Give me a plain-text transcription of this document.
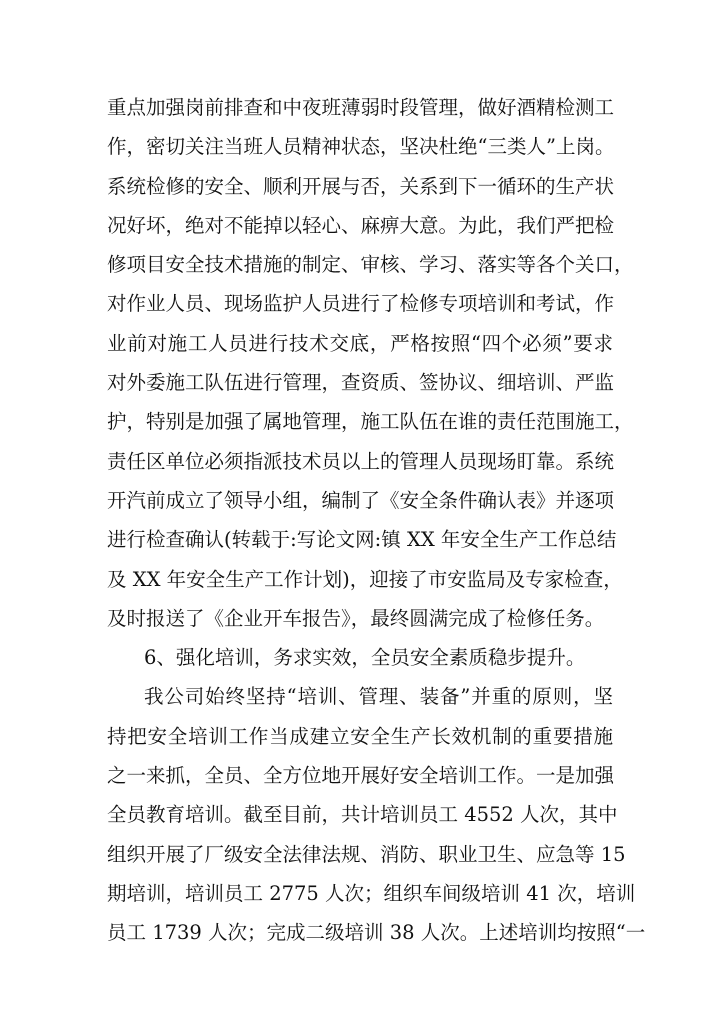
重点加强岗前排查和中夜班薄弱时段管理，做好酒精检测工
作，密切关注当班人员精神状态，坚决杜绝“三类人”上岗。
系统检修的安全、顺利开展与否，关系到下一循环的生产状
况好坏，绝对不能掉以轻心、麻痹大意。为此，我们严把检
修项目安全技术措施的制定、审核、学习、落实等各个关口，
对作业人员、现场监护人员进行了检修专项培训和考试，作
业前对施工人员进行技术交底，严格按照“四个必须”要求
对外委施工队伍进行管理，查资质、签协议、细培训、严监
护，特别是加强了属地管理，施工队伍在谁的责任范围施工，
责任区单位必须指派技术员以上的管理人员现场盯靠。系统
开汽前成立了领导小组，编制了《安全条件确认表》并逐项
进行检查确认(转载于:写论文网:镇 XX 年安全生产工作总结
及 XX 年安全生产工作计划)，迎接了市安监局及专家检查，
及时报送了《企业开车报告》，最终圆满完成了检修任务。
6、强化培训，务求实效，全员安全素质稳步提升。
我公司始终坚持“培训、管理、装备”并重的原则，坚
持把安全培训工作当成建立安全生产长效机制的重要措施
之一来抓，全员、全方位地开展好安全培训工作。一是加强
全员教育培训。截至目前，共计培训员工 4552 人次，其中
组织开展了厂级安全法律法规、消防、职业卫生、应急等 15
期培训，培训员工 2775 人次；组织车间级培训 41 次，培训
员工 1739 人次；完成二级培训 38 人次。上述培训均按照“一
